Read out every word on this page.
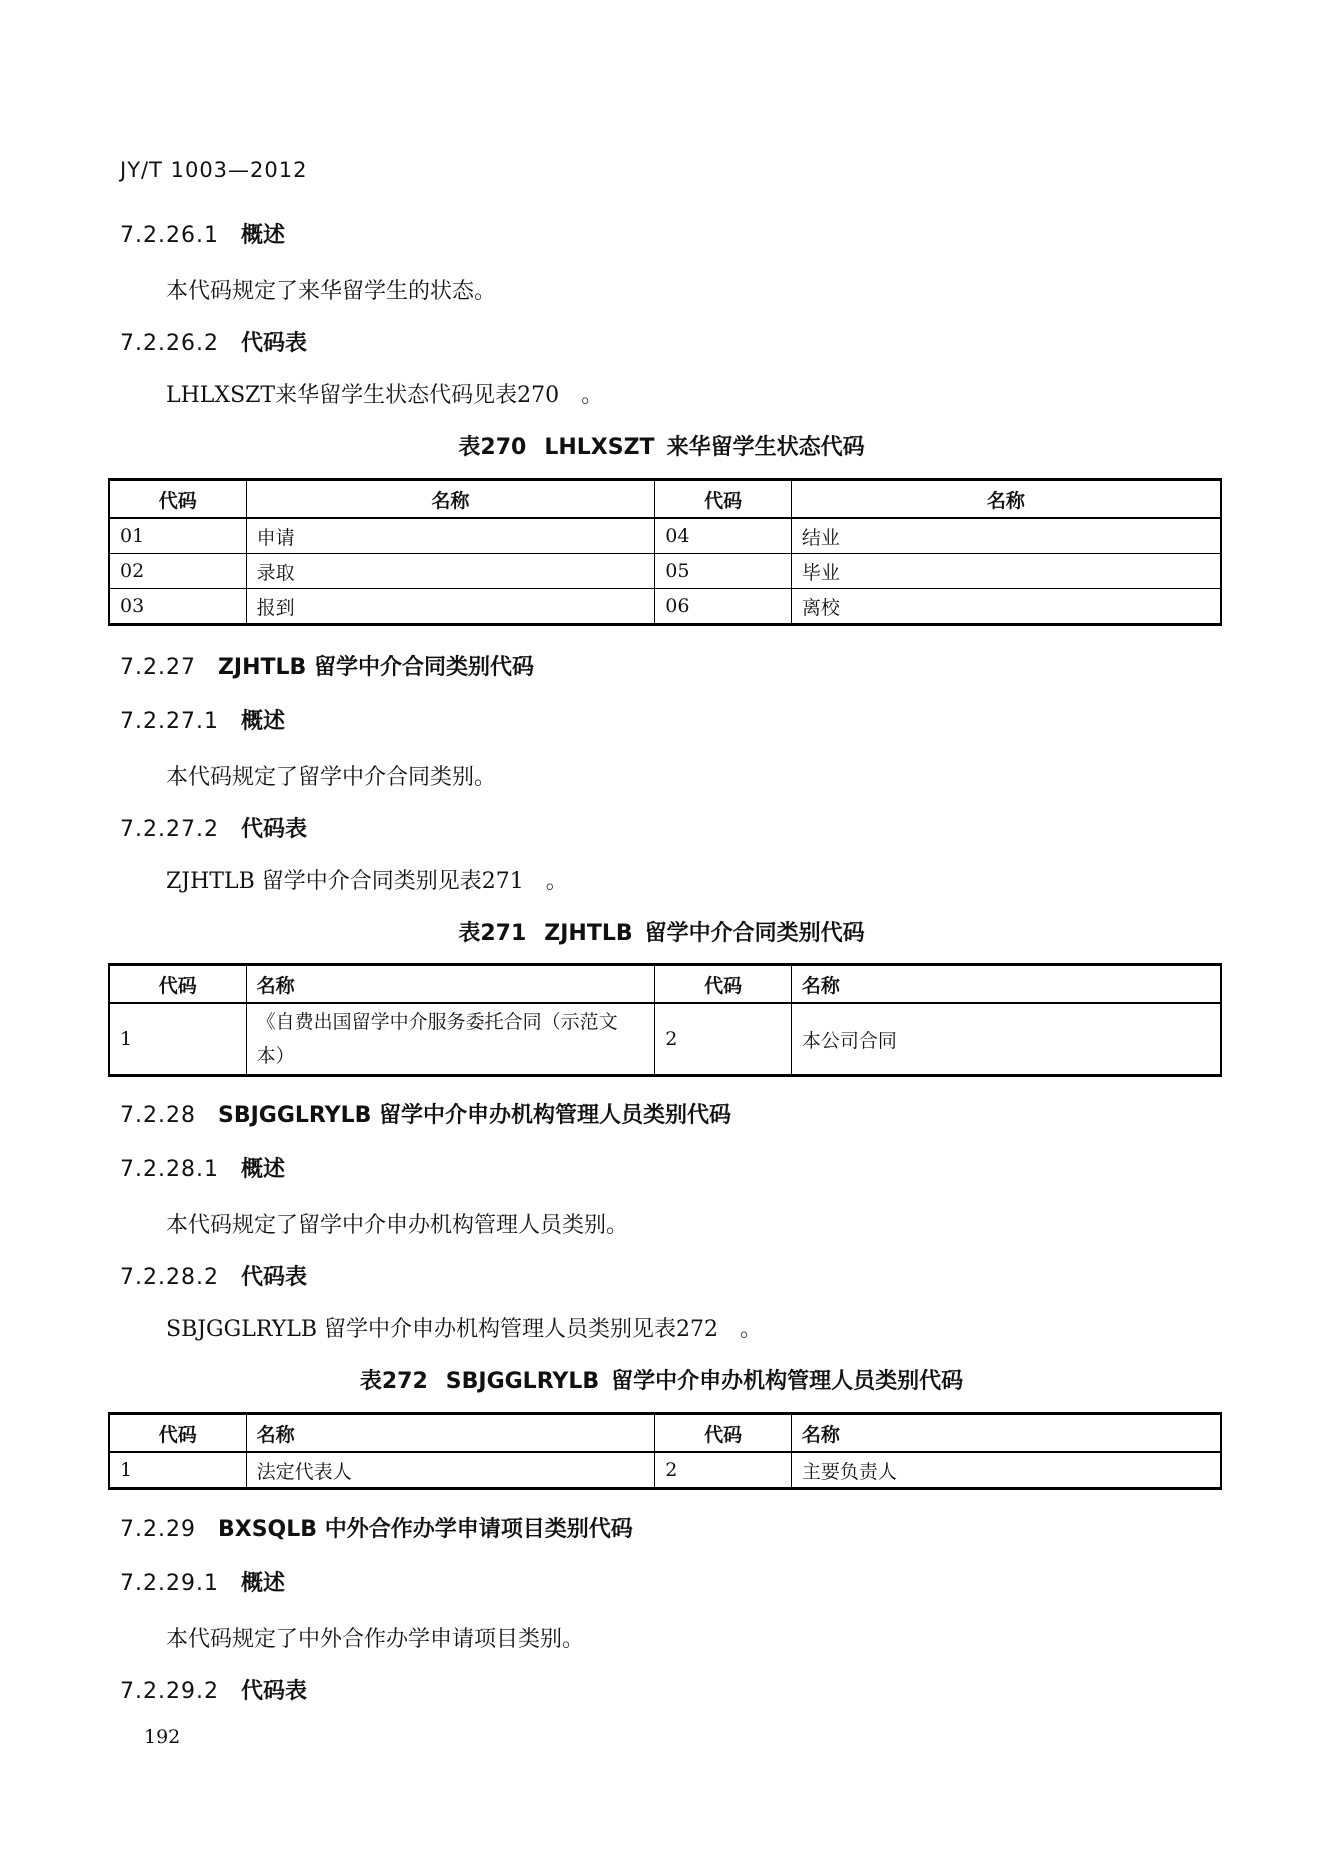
JY/T 1003—2012
7.2.26.1 概述
本代码规定了来华留学生的状态。
7.2.26.2 代码表
LHLXSZT来华留学生状态代码见表270　。
表270 LHLXSZT 来华留学生状态代码
代码	名称	代码	名称
01	申请	04	结业
02	录取	05	毕业
03	报到	06	离校
7.2.27 ZJHTLB 留学中介合同类别代码
7.2.27.1 概述
本代码规定了留学中介合同类别。
7.2.27.2 代码表
ZJHTLB 留学中介合同类别见表271　。
表271 ZJHTLB 留学中介合同类别代码
代码	名称	代码	名称
1	《自费出国留学中介服务委托合同（示范文本）	2	本公司合同
7.2.28 SBJGGLRYLB 留学中介申办机构管理人员类别代码
7.2.28.1 概述
本代码规定了留学中介申办机构管理人员类别。
7.2.28.2 代码表
SBJGGLRYLB 留学中介申办机构管理人员类别见表272　。
表272 SBJGGLRYLB 留学中介申办机构管理人员类别代码
代码	名称	代码	名称
1	法定代表人	2	主要负责人
7.2.29 BXSQLB 中外合作办学申请项目类别代码
7.2.29.1 概述
本代码规定了中外合作办学申请项目类别。
7.2.29.2 代码表
192
